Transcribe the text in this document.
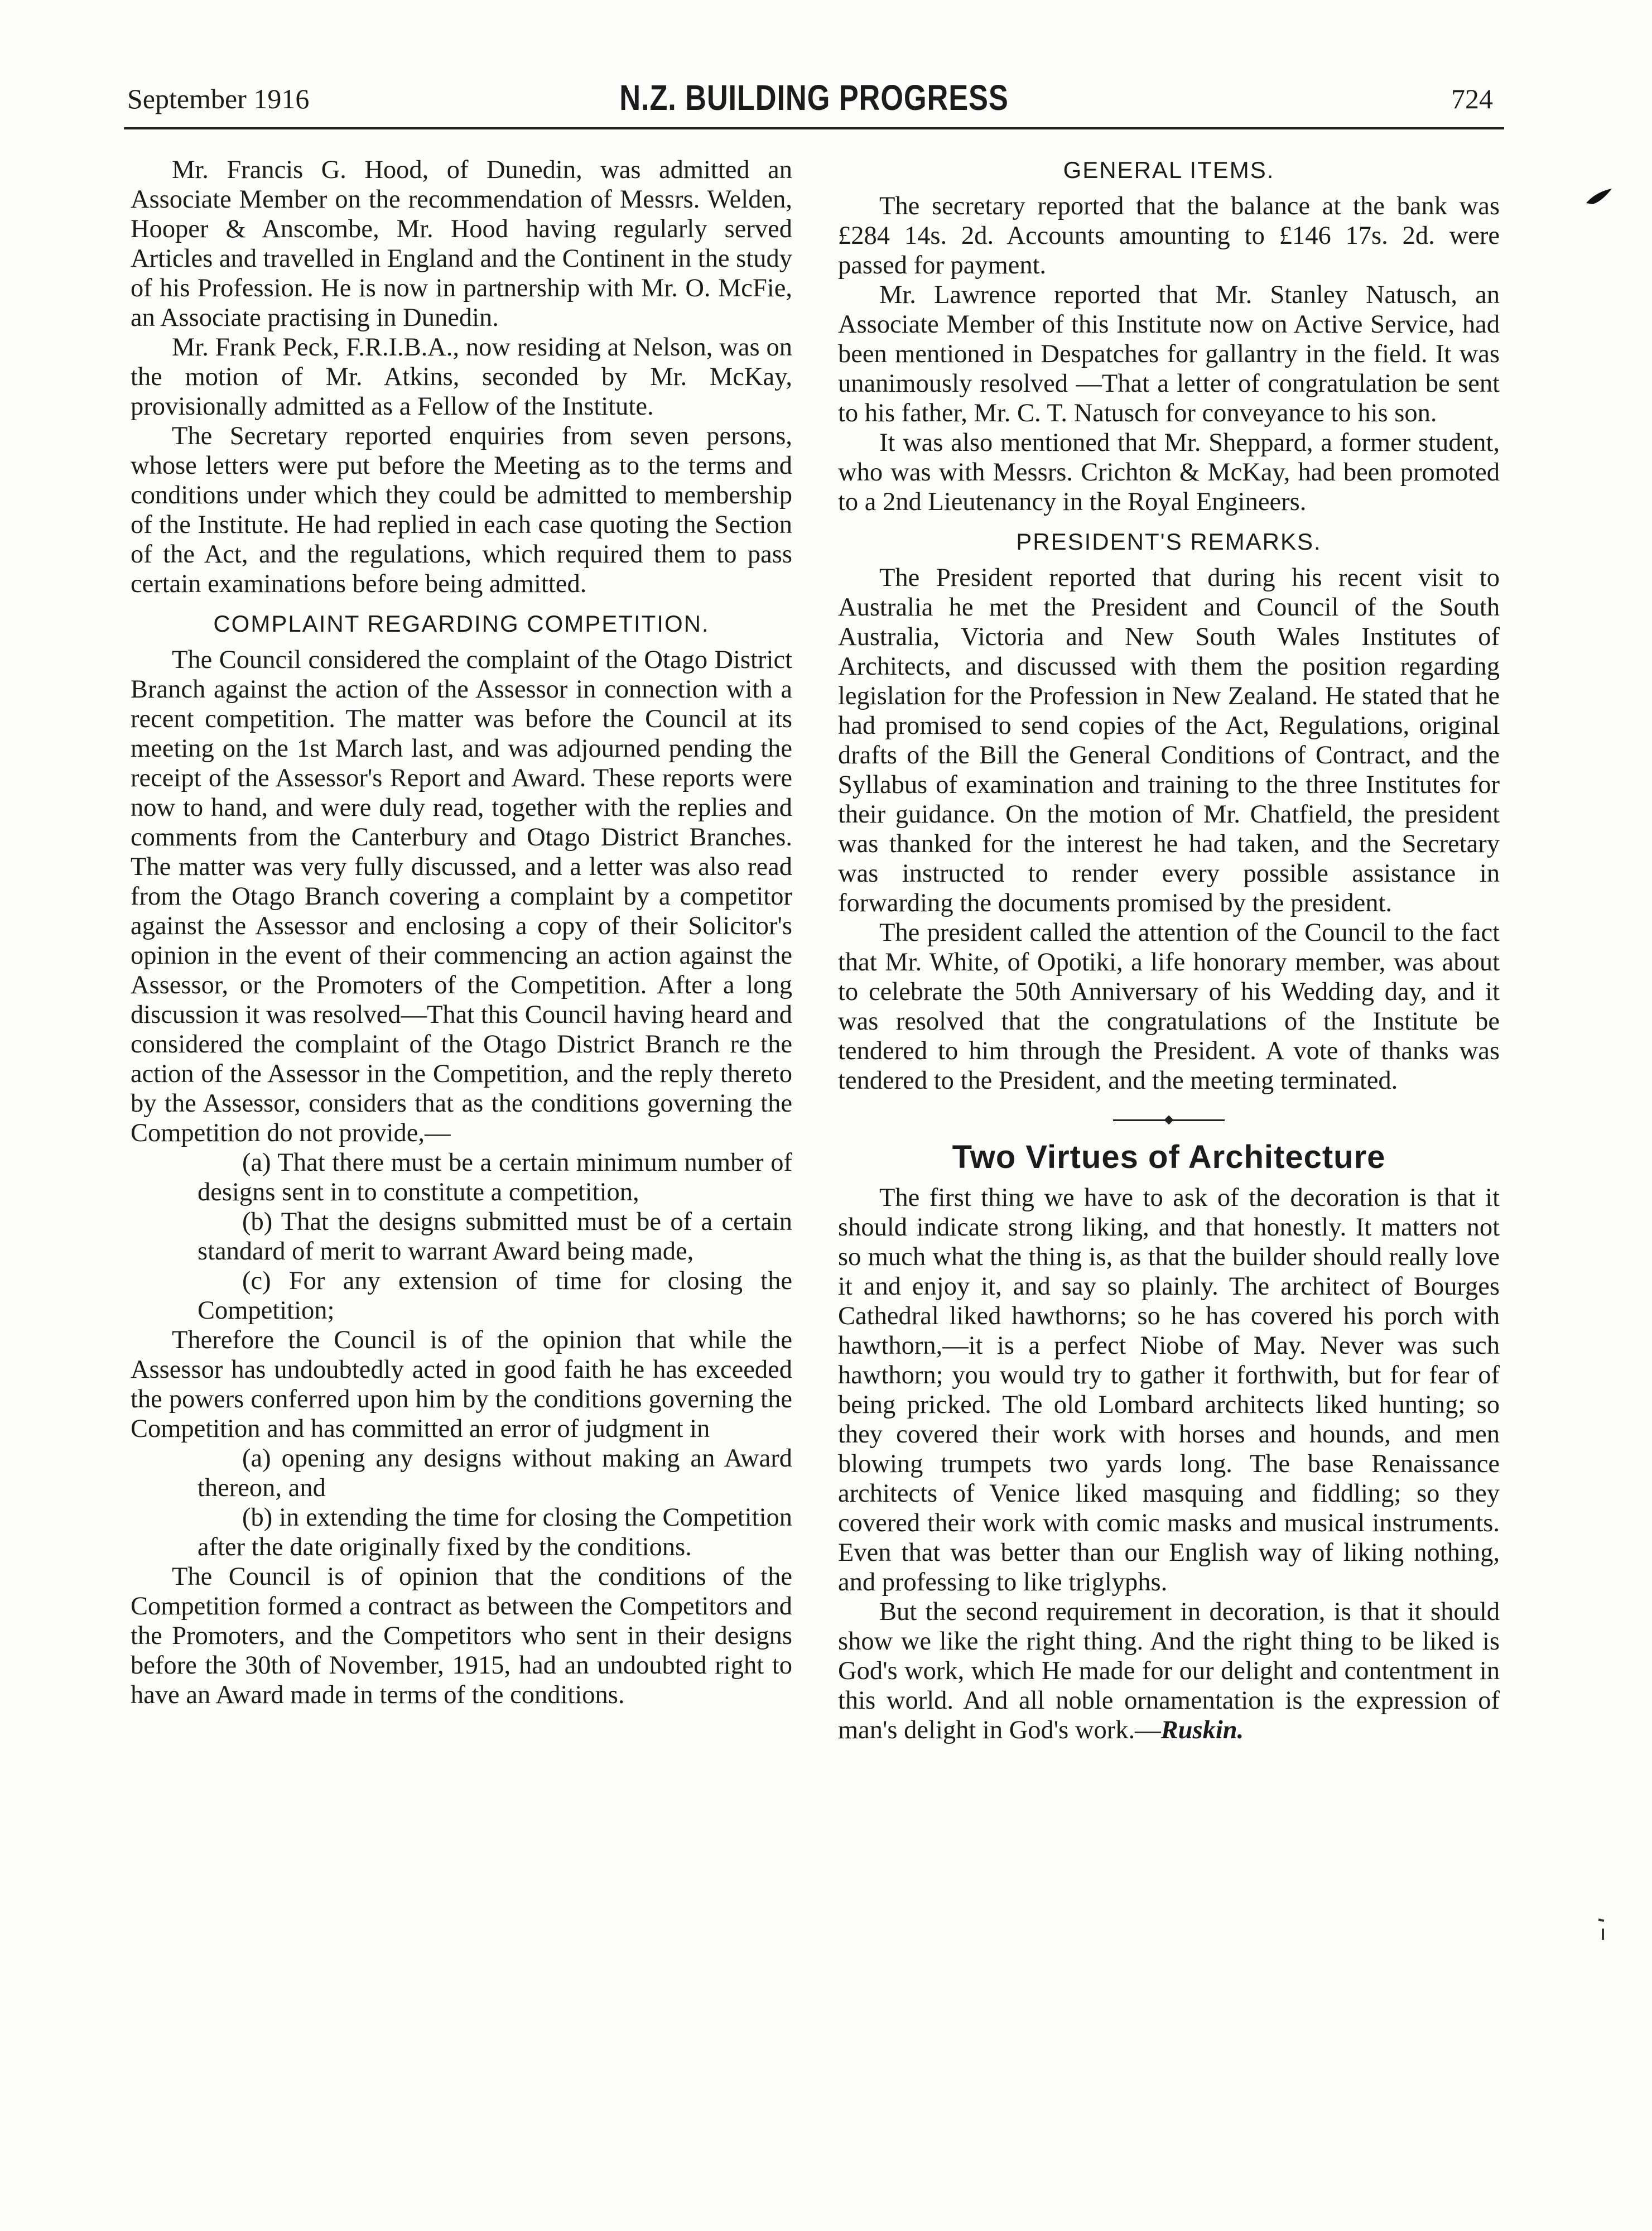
September 1916	N.Z. BUILDING PROGRESS	724

Mr. Francis G. Hood, of Dunedin, was admitted an Associate Member on the recommendation of Messrs. Welden, Hooper & Anscombe, Mr. Hood having regularly served Articles and travelled in England and the Continent in the study of his Profession. He is now in partnership with Mr. O. McFie, an Associate practising in Dunedin.

Mr. Frank Peck, F.R.I.B.A., now residing at Nelson, was on the motion of Mr. Atkins, seconded by Mr. McKay, provisionally admitted as a Fellow of the Institute.

The Secretary reported enquiries from seven persons, whose letters were put before the Meeting as to the terms and conditions under which they could be admitted to membership of the Institute. He had replied in each case quoting the Section of the Act, and the regulations, which required them to pass certain examinations before being admitted.

COMPLAINT REGARDING COMPETITION.

The Council considered the complaint of the Otago District Branch against the action of the Assessor in connection with a recent competition. The matter was before the Council at its meeting on the 1st March last, and was adjourned pending the receipt of the Assessor's Report and Award. These reports were now to hand, and were duly read, together with the replies and comments from the Canterbury and Otago District Branches. The matter was very fully discussed, and a letter was also read from the Otago Branch covering a complaint by a competitor against the Assessor and enclosing a copy of their Solicitor's opinion in the event of their commencing an action against the Assessor, or the Promoters of the Competition. After a long discussion it was resolved—That this Council having heard and considered the complaint of the Otago District Branch re the action of the Assessor in the Competition, and the reply thereto by the Assessor, considers that as the conditions governing the Competition do not provide,—

(a) That there must be a certain minimum number of designs sent in to constitute a competition,

(b) That the designs submitted must be of a certain standard of merit to warrant Award being made,

(c) For any extension of time for closing the Competition;

Therefore the Council is of the opinion that while the Assessor has undoubtedly acted in good faith he has exceeded the powers conferred upon him by the conditions governing the Competition and has committed an error of judgment in

(a) opening any designs without making an Award thereon, and

(b) in extending the time for closing the Competition after the date originally fixed by the conditions.

The Council is of opinion that the conditions of the Competition formed a contract as between the Competitors and the Promoters, and the Competitors who sent in their designs before the 30th of November, 1915, had an undoubted right to have an Award made in terms of the conditions.

GENERAL ITEMS.

The secretary reported that the balance at the bank was £284 14s. 2d. Accounts amounting to £146 17s. 2d. were passed for payment.

Mr. Lawrence reported that Mr. Stanley Natusch, an Associate Member of this Institute now on Active Service, had been mentioned in Despatches for gallantry in the field. It was unanimously resolved —That a letter of congratulation be sent to his father, Mr. C. T. Natusch for conveyance to his son.

It was also mentioned that Mr. Sheppard, a former student, who was with Messrs. Crichton & McKay, had been promoted to a 2nd Lieutenancy in the Royal Engineers.

PRESIDENT'S REMARKS.

The President reported that during his recent visit to Australia he met the President and Council of the South Australia, Victoria and New South Wales Institutes of Architects, and discussed with them the position regarding legislation for the Profession in New Zealand. He stated that he had promised to send copies of the Act, Regulations, original drafts of the Bill the General Conditions of Contract, and the Syllabus of examination and training to the three Institutes for their guidance. On the motion of Mr. Chatfield, the president was thanked for the interest he had taken, and the Secretary was instructed to render every possible assistance in forwarding the documents promised by the president.

The president called the attention of the Council to the fact that Mr. White, of Opotiki, a life honorary member, was about to celebrate the 50th Anniversary of his Wedding day, and it was resolved that the congratulations of the Institute be tendered to him through the President. A vote of thanks was tendered to the President, and the meeting terminated.

Two Virtues of Architecture

The first thing we have to ask of the decoration is that it should indicate strong liking, and that honestly. It matters not so much what the thing is, as that the builder should really love it and enjoy it, and say so plainly. The architect of Bourges Cathedral liked hawthorns; so he has covered his porch with hawthorn,—it is a perfect Niobe of May. Never was such hawthorn; you would try to gather it forthwith, but for fear of being pricked. The old Lombard architects liked hunting; so they covered their work with horses and hounds, and men blowing trumpets two yards long. The base Renaissance architects of Venice liked masquing and fiddling; so they covered their work with comic masks and musical instruments. Even that was better than our English way of liking nothing, and professing to like triglyphs.

But the second requirement in decoration, is that it should show we like the right thing. And the right thing to be liked is God's work, which He made for our delight and contentment in this world. And all noble ornamentation is the expression of man's delight in God's work.—Ruskin.
